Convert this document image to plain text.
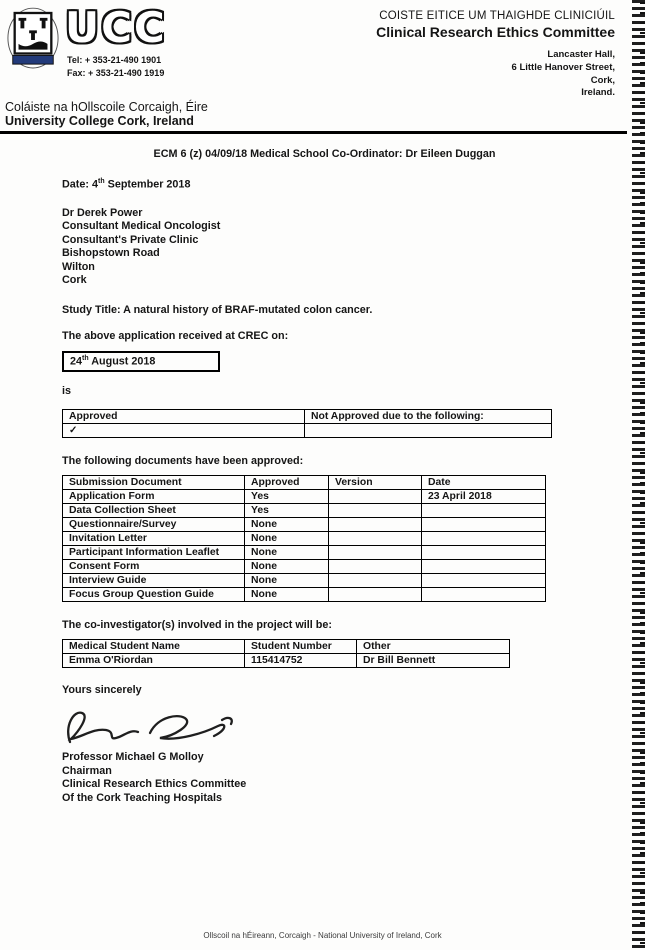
UCC
Tel: + 353-21-490 1901
Fax: + 353-21-490 1919
COISTE EITICE UM THAIGHDE CLINICIÚIL
Clinical Research Ethics Committee
Lancaster Hall,
6 Little Hanover Street,
Cork,
Ireland.
Coláiste na hOllscoile Corcaigh, Éire
University College Cork, Ireland
ECM 6 (z) 04/09/18 Medical School Co-Ordinator: Dr Eileen Duggan
Date: 4th September 2018
Dr Derek Power
Consultant Medical Oncologist
Consultant's Private Clinic
Bishopstown Road
Wilton
Cork
Study Title: A natural history of BRAF-mutated colon cancer.
The above application received at CREC on:
24th August 2018
is
Approved	Not Approved due to the following:
✓	
The following documents have been approved:
Submission Document	Approved	Version	Date
Application Form	Yes		23 April 2018
Data Collection Sheet	Yes		
Questionnaire/Survey	None		
Invitation Letter	None		
Participant Information Leaflet	None		
Consent Form	None		
Interview Guide	None		
Focus Group Question Guide	None		
The co-investigator(s) involved in the project will be:
Medical Student Name	Student Number	Other
Emma O'Riordan	115414752	Dr Bill Bennett
Yours sincerely
Professor Michael G Molloy
Chairman
Clinical Research Ethics Committee
Of the Cork Teaching Hospitals
Ollscoil na hÉireann, Corcaigh - National University of Ireland, Cork
